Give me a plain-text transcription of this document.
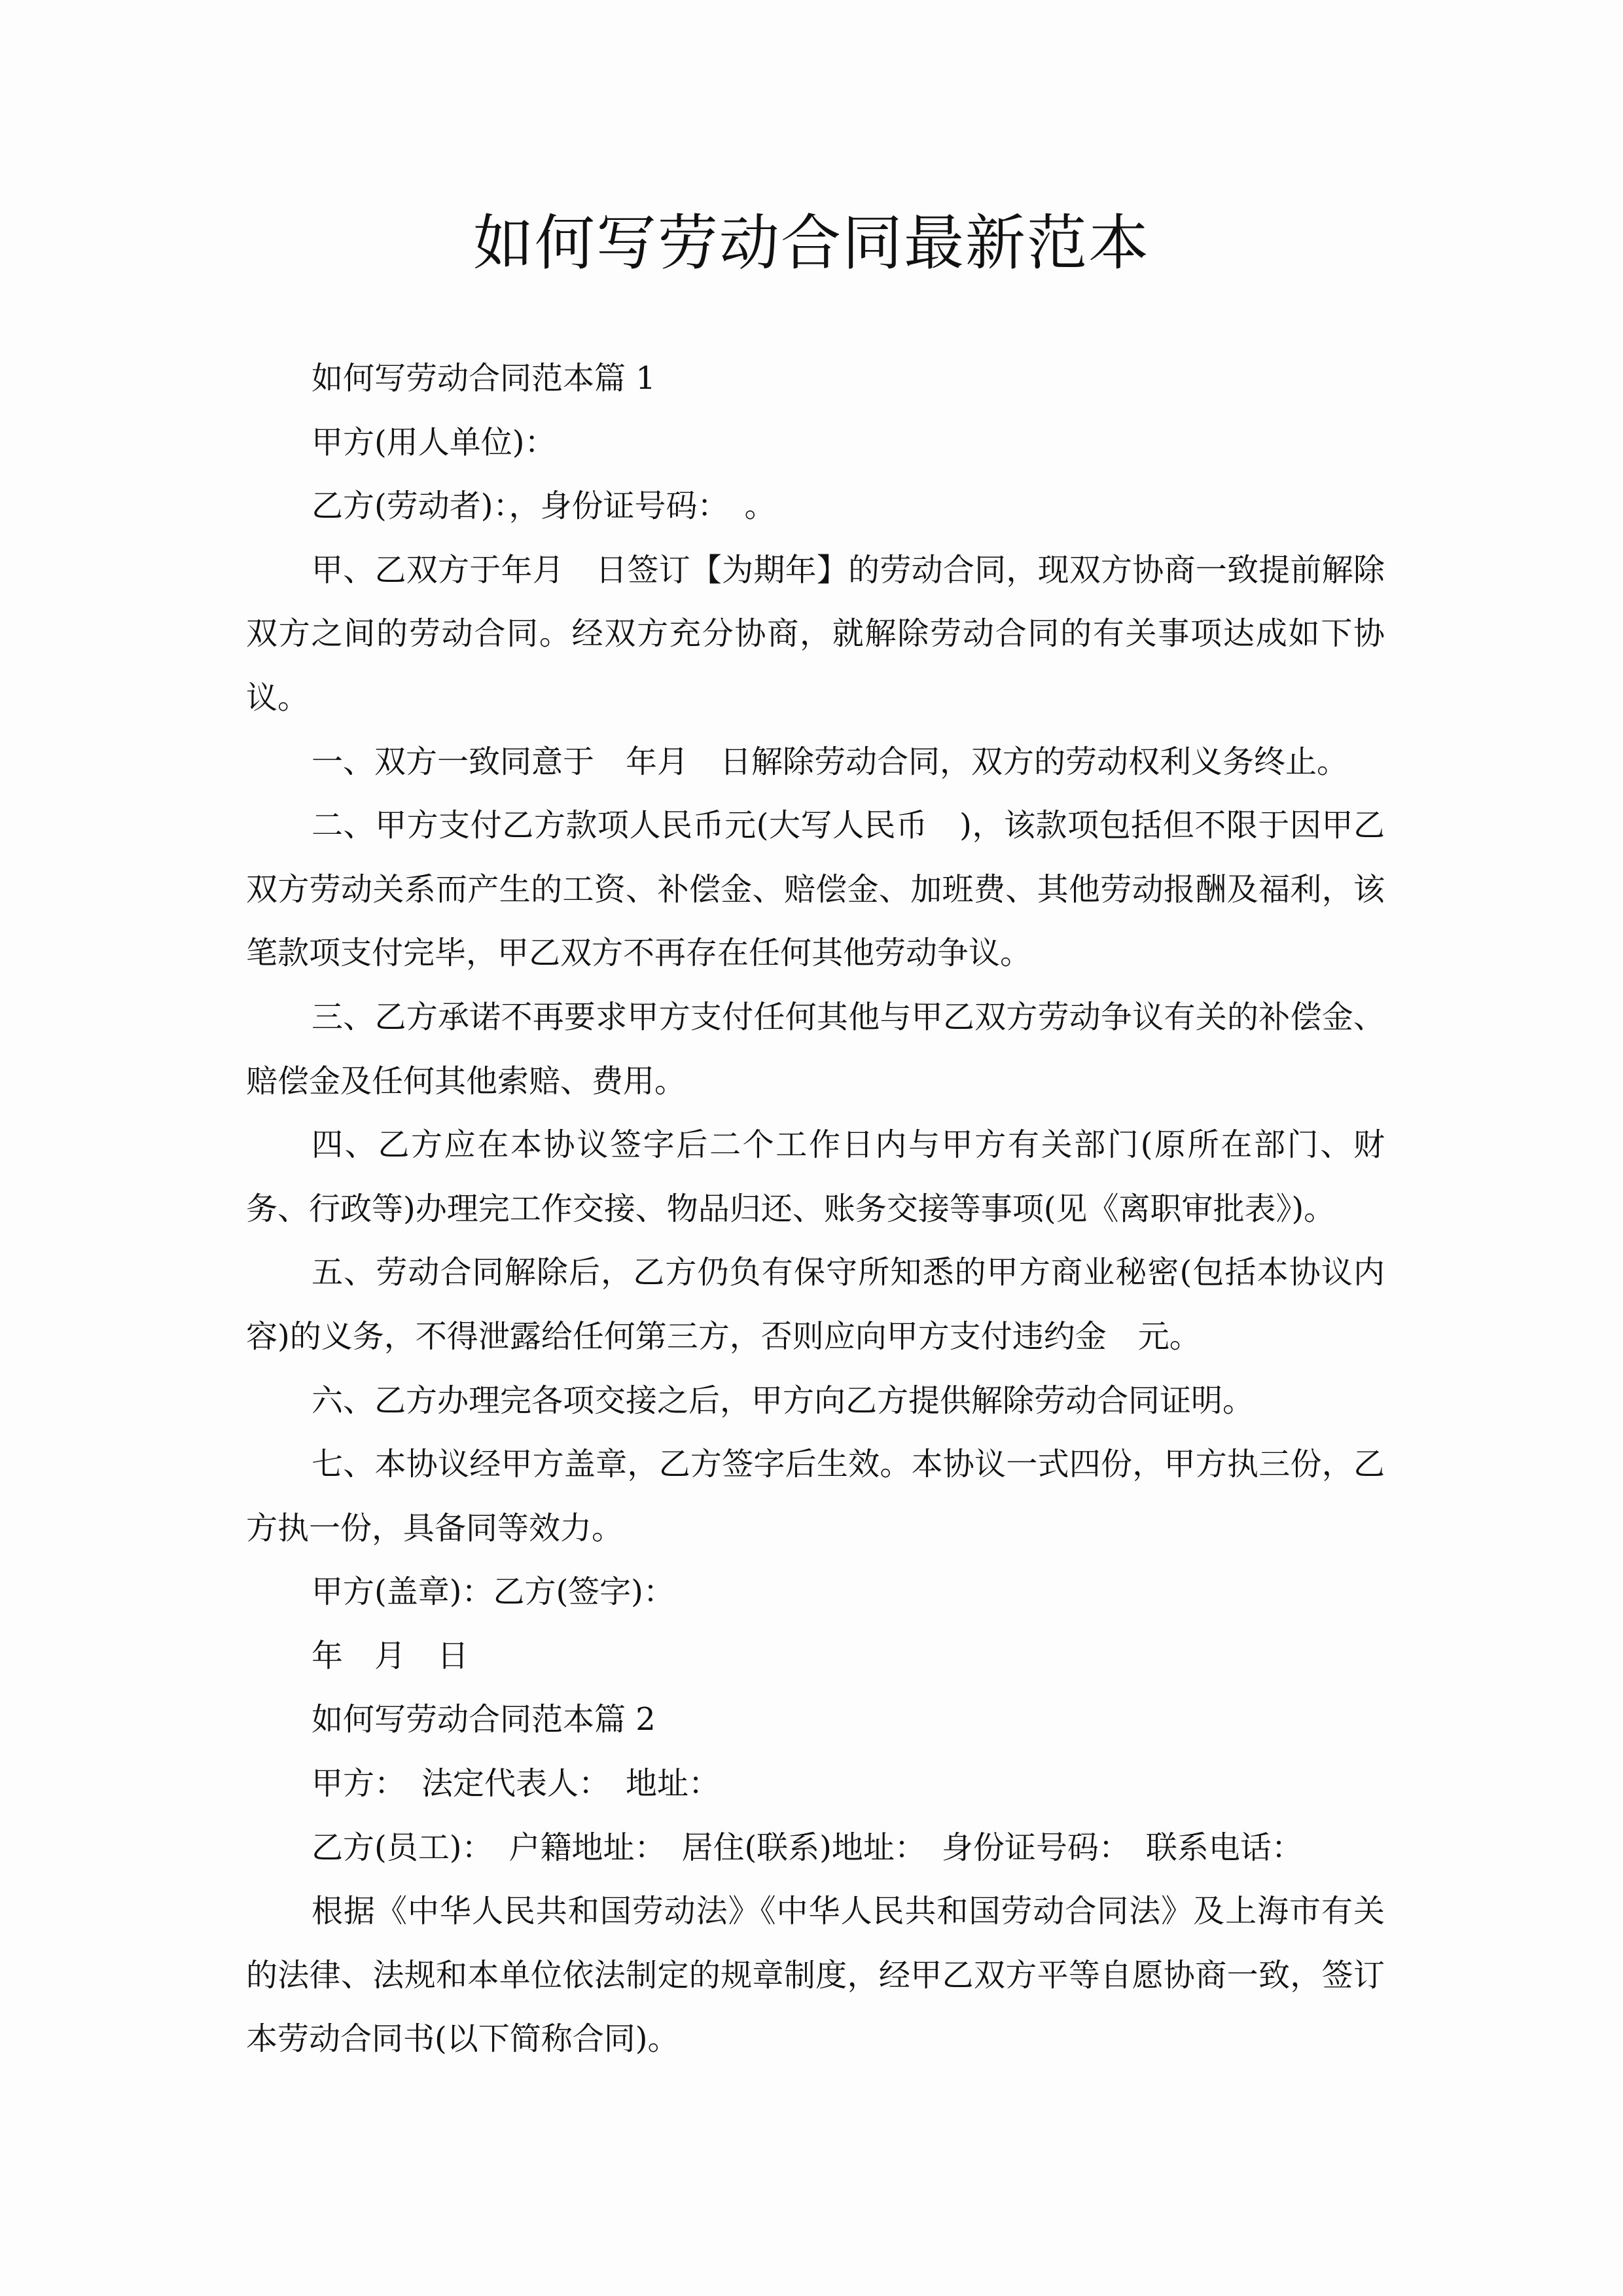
如何写劳动合同最新范本

如何写劳动合同范本篇 1

甲方(用人单位)：

乙方(劳动者)：，身份证号码：　。

甲、乙双方于年月　日签订【为期年】的劳动合同，现双方协商一致提前解除双方之间的劳动合同。经双方充分协商，就解除劳动合同的有关事项达成如下协议。

一、双方一致同意于　年月　日解除劳动合同，双方的劳动权利义务终止。

二、甲方支付乙方款项人民币元(大写人民币　)，该款项包括但不限于因甲乙双方劳动关系而产生的工资、补偿金、赔偿金、加班费、其他劳动报酬及福利，该笔款项支付完毕，甲乙双方不再存在任何其他劳动争议。

三、乙方承诺不再要求甲方支付任何其他与甲乙双方劳动争议有关的补偿金、赔偿金及任何其他索赔、费用。

四、乙方应在本协议签字后二个工作日内与甲方有关部门(原所在部门、财务、行政等)办理完工作交接、物品归还、账务交接等事项(见《离职审批表》)。

五、劳动合同解除后，乙方仍负有保守所知悉的甲方商业秘密(包括本协议内容)的义务，不得泄露给任何第三方，否则应向甲方支付违约金　元。

六、乙方办理完各项交接之后，甲方向乙方提供解除劳动合同证明。

七、本协议经甲方盖章，乙方签字后生效。本协议一式四份，甲方执三份，乙方执一份，具备同等效力。

甲方(盖章)：乙方(签字)：

年　月　日

如何写劳动合同范本篇 2

甲方：　法定代表人：　地址：

乙方(员工)：　户籍地址：　居住(联系)地址：　身份证号码：　联系电话：

根据《中华人民共和国劳动法》《中华人民共和国劳动合同法》及上海市有关的法律、法规和本单位依法制定的规章制度，经甲乙双方平等自愿协商一致，签订本劳动合同书(以下简称合同)。
